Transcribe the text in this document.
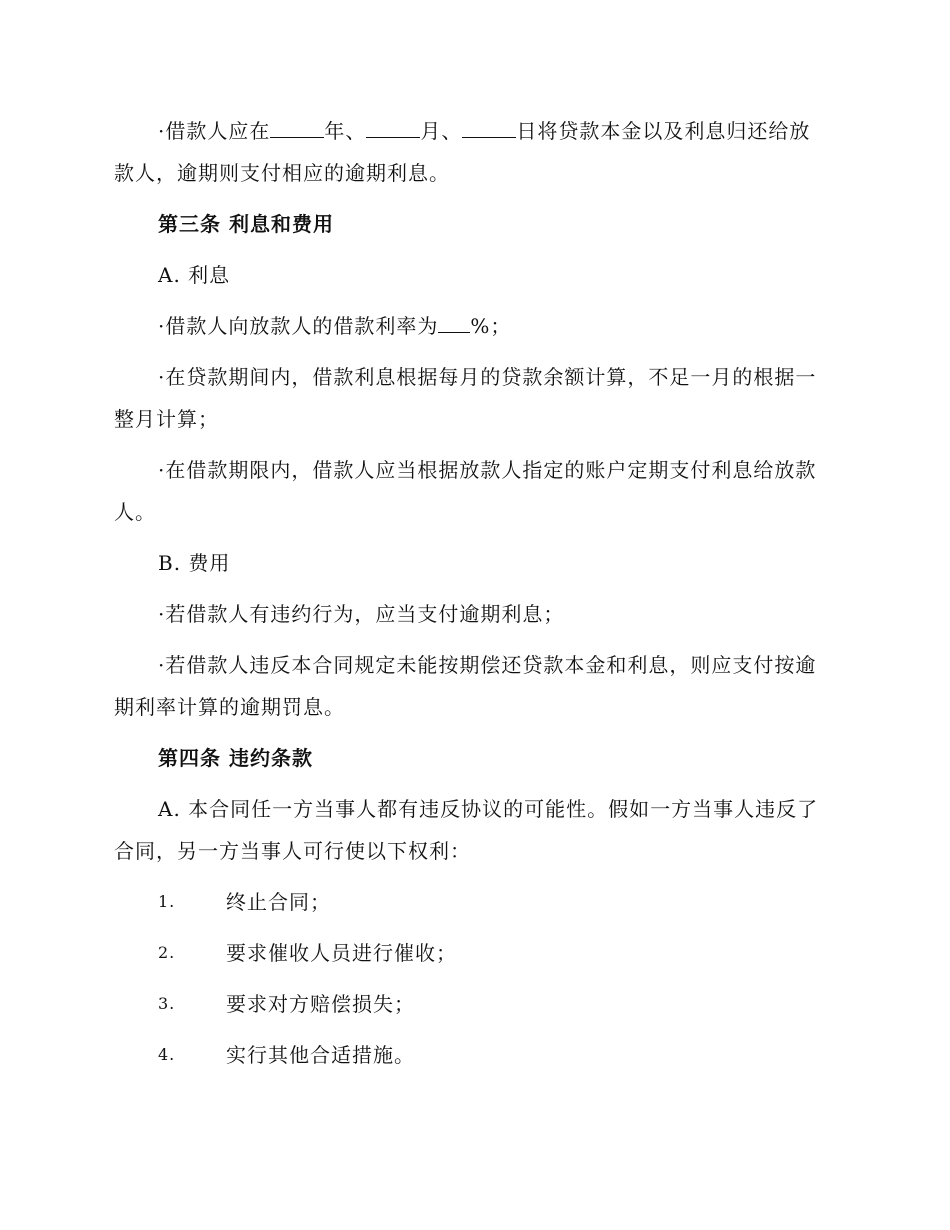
·借款人应在	年、	月、	日将贷款本金以及利息归还给放款人，逾期则支付相应的逾期利息。

第三条 利息和费用

A. 利息

·借款人向放款人的借款利率为 %；

·在贷款期间内，借款利息根据每月的贷款余额计算，不足一月的根据一整月计算；

·在借款期限内，借款人应当根据放款人指定的账户定期支付利息给放款人。

B. 费用

·若借款人有违约行为，应当支付逾期利息；

·若借款人违反本合同规定未能按期偿还贷款本金和利息，则应支付按逾期利率计算的逾期罚息。

第四条 违约条款

A. 本合同任一方当事人都有违反协议的可能性。假如一方当事人违反了合同，另一方当事人可行使以下权利：

1.	终止合同；
2.	要求催收人员进行催收；
3.	要求对方赔偿损失；
4.	实行其他合适措施。
